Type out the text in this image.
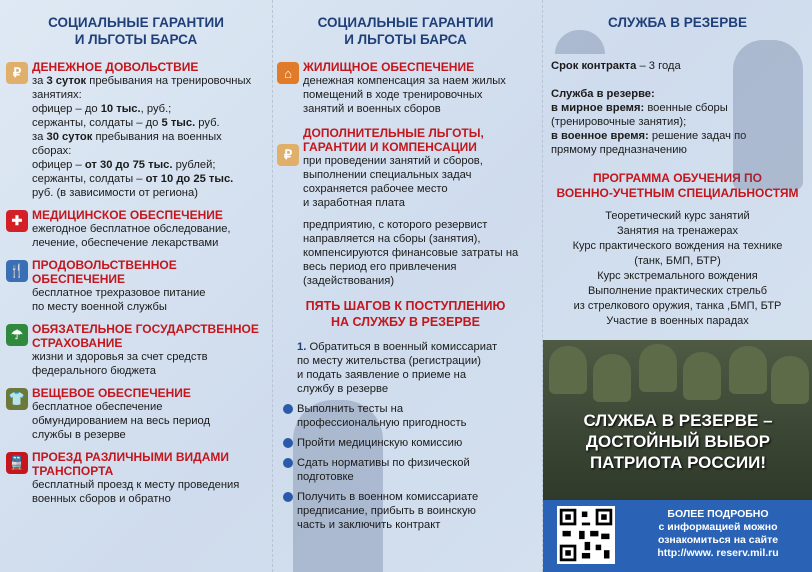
СОЦИАЛЬНЫЕ ГАРАНТИИ
И ЛЬГОТЫ БАРСА
₽ ДЕНЕЖНОЕ ДОВОЛЬСТВИЕ
за 3 суток пребывания на тренировочных
занятиях:
офицер – до 10 тыс., руб.;
сержанты, солдаты – до 5 тыс. руб.
за 30 суток пребывания на военных
сборах:
офицер – от 30 до 75 тыс. рублей;
сержанты, солдаты – от 10 до 25 тыс.
руб. (в зависимости от региона)
✚ МЕДИЦИНСКОЕ ОБЕСПЕЧЕНИЕ
ежегодное бесплатное обследование,
лечение, обеспечение лекарствами
🍴 ПРОДОВОЛЬСТВЕННОЕ
ОБЕСПЕЧЕНИЕ
бесплатное трехразовое питание
по месту военной службы
☂ ОБЯЗАТЕЛЬНОЕ ГОСУДАРСТВЕННОЕ
СТРАХОВАНИЕ
жизни и здоровья за счет средств
федерального бюджета
👕 ВЕЩЕВОЕ ОБЕСПЕЧЕНИЕ
бесплатное обеспечение
обмундированием на весь период
службы в резерве
🚆 ПРОЕЗД РАЗЛИЧНЫМИ ВИДАМИ
ТРАНСПОРТА
бесплатный проезд к месту проведения
военных сборов и обратно
СОЦИАЛЬНЫЕ ГАРАНТИИ
И ЛЬГОТЫ БАРСА
⌂ ЖИЛИЩНОЕ ОБЕСПЕЧЕНИЕ
денежная компенсация за наем жилых
помещений в ходе тренировочных
занятий и военных сборов
₽
ДОПОЛНИТЕЛЬНЫЕ ЛЬГОТЫ,
ГАРАНТИИ И КОМПЕНСАЦИИ
при проведении занятий и сборов,
выполнении специальных задач
сохраняется рабочее место
и заработная плата
предприятию, с которого резервист
направляется на сборы (занятия),
компенсируются финансовые затраты на
весь период его привлечения
(задействования)
ПЯТЬ ШАГОВ К ПОСТУПЛЕНИЮ
НА СЛУЖБУ В РЕЗЕРВЕ
1. Обратиться в военный комиссариат
по месту жительства (регистрации)
и подать заявление о приеме на
службу в резерве
Выполнить тесты на
профессиональную пригодность
Пройти медицинскую комиссию
Сдать нормативы по физической
подготовке
Получить в военном комиссариате
предписание, прибыть в воинскую
часть и заключить контракт
СЛУЖБА В РЕЗЕРВЕ
Срок контракта – 3 года
Служба в резерве:
в мирное время: военные сборы
(тренировочные занятия);
в военное время: решение задач по
прямому предназначению
ПРОГРАММА ОБУЧЕНИЯ ПО
ВОЕННО-УЧЕТНЫМ СПЕЦИАЛЬНОСТЯМ
Теоретический курс занятий
Занятия на тренажерах
Курс практического вождения на технике
(танк, БМП, БТР)
Курс экстремального вождения
Выполнение практических стрельб
из стрелкового оружия, танка ,БМП, БТР
Участие в военных парадах
СЛУЖБА В РЕЗЕРВЕ –
ДОСТОЙНЫЙ ВЫБОР
ПАТРИОТА РОССИИ!
БОЛЕЕ ПОДРОБНО
с информацией можно
ознакомиться на сайте
http://www. reserv.mil.ru
